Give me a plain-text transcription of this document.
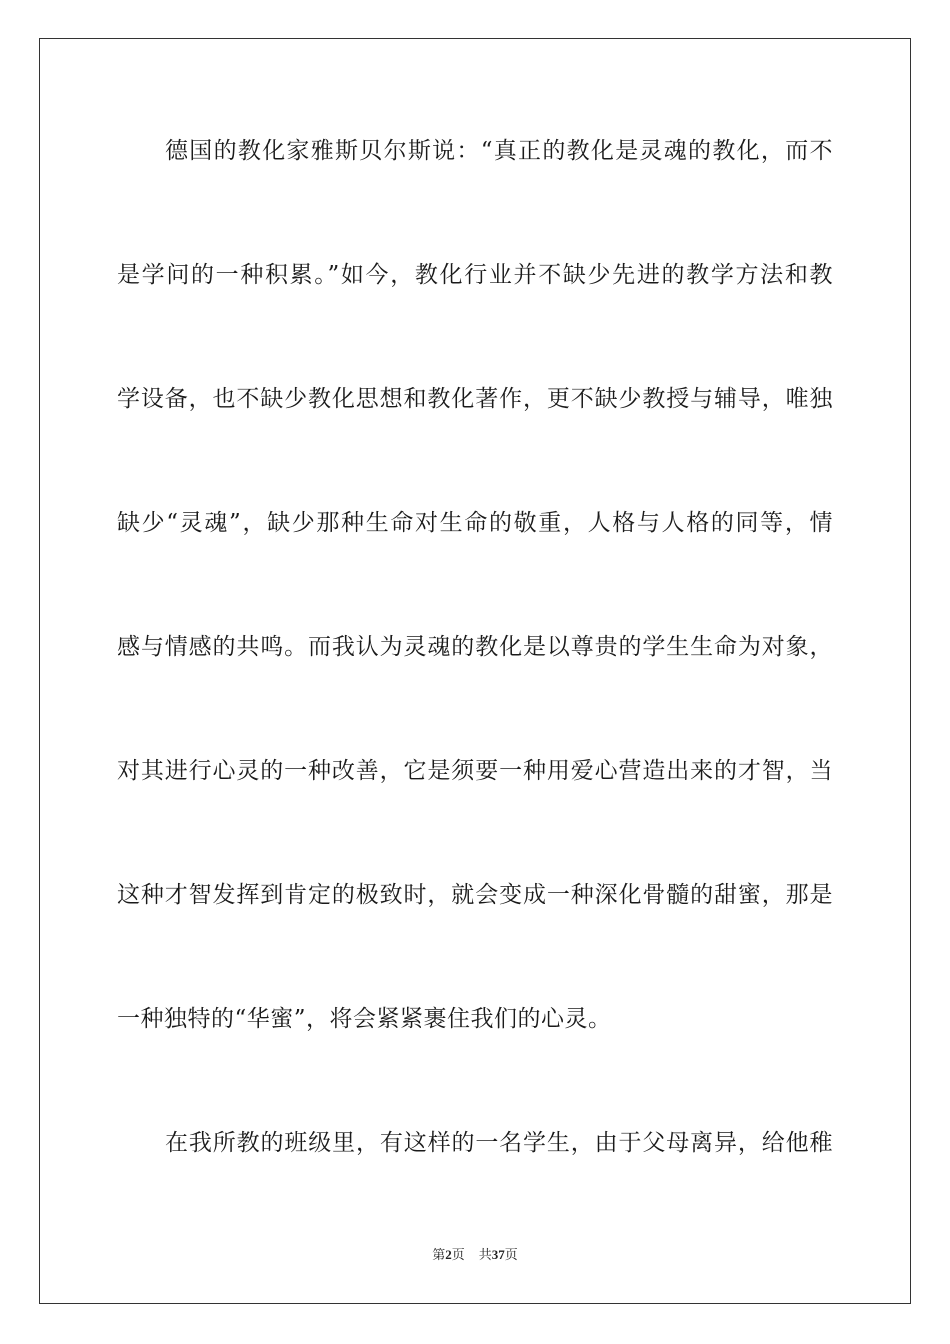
德国的教化家雅斯贝尔斯说：“真正的教化是灵魂的教化，而不
是学问的一种积累。”如今，教化行业并不缺少先进的教学方法和教
学设备，也不缺少教化思想和教化著作，更不缺少教授与辅导，唯独
缺少“灵魂”，缺少那种生命对生命的敬重，人格与人格的同等，情
感与情感的共鸣。而我认为灵魂的教化是以尊贵的学生生命为对象，
对其进行心灵的一种改善，它是须要一种用爱心营造出来的才智，当
这种才智发挥到肯定的极致时，就会变成一种深化骨髓的甜蜜，那是
一种独特的“华蜜”，将会紧紧裹住我们的心灵。
在我所教的班级里，有这样的一名学生，由于父母离异，给他稚
第2页 共37页
